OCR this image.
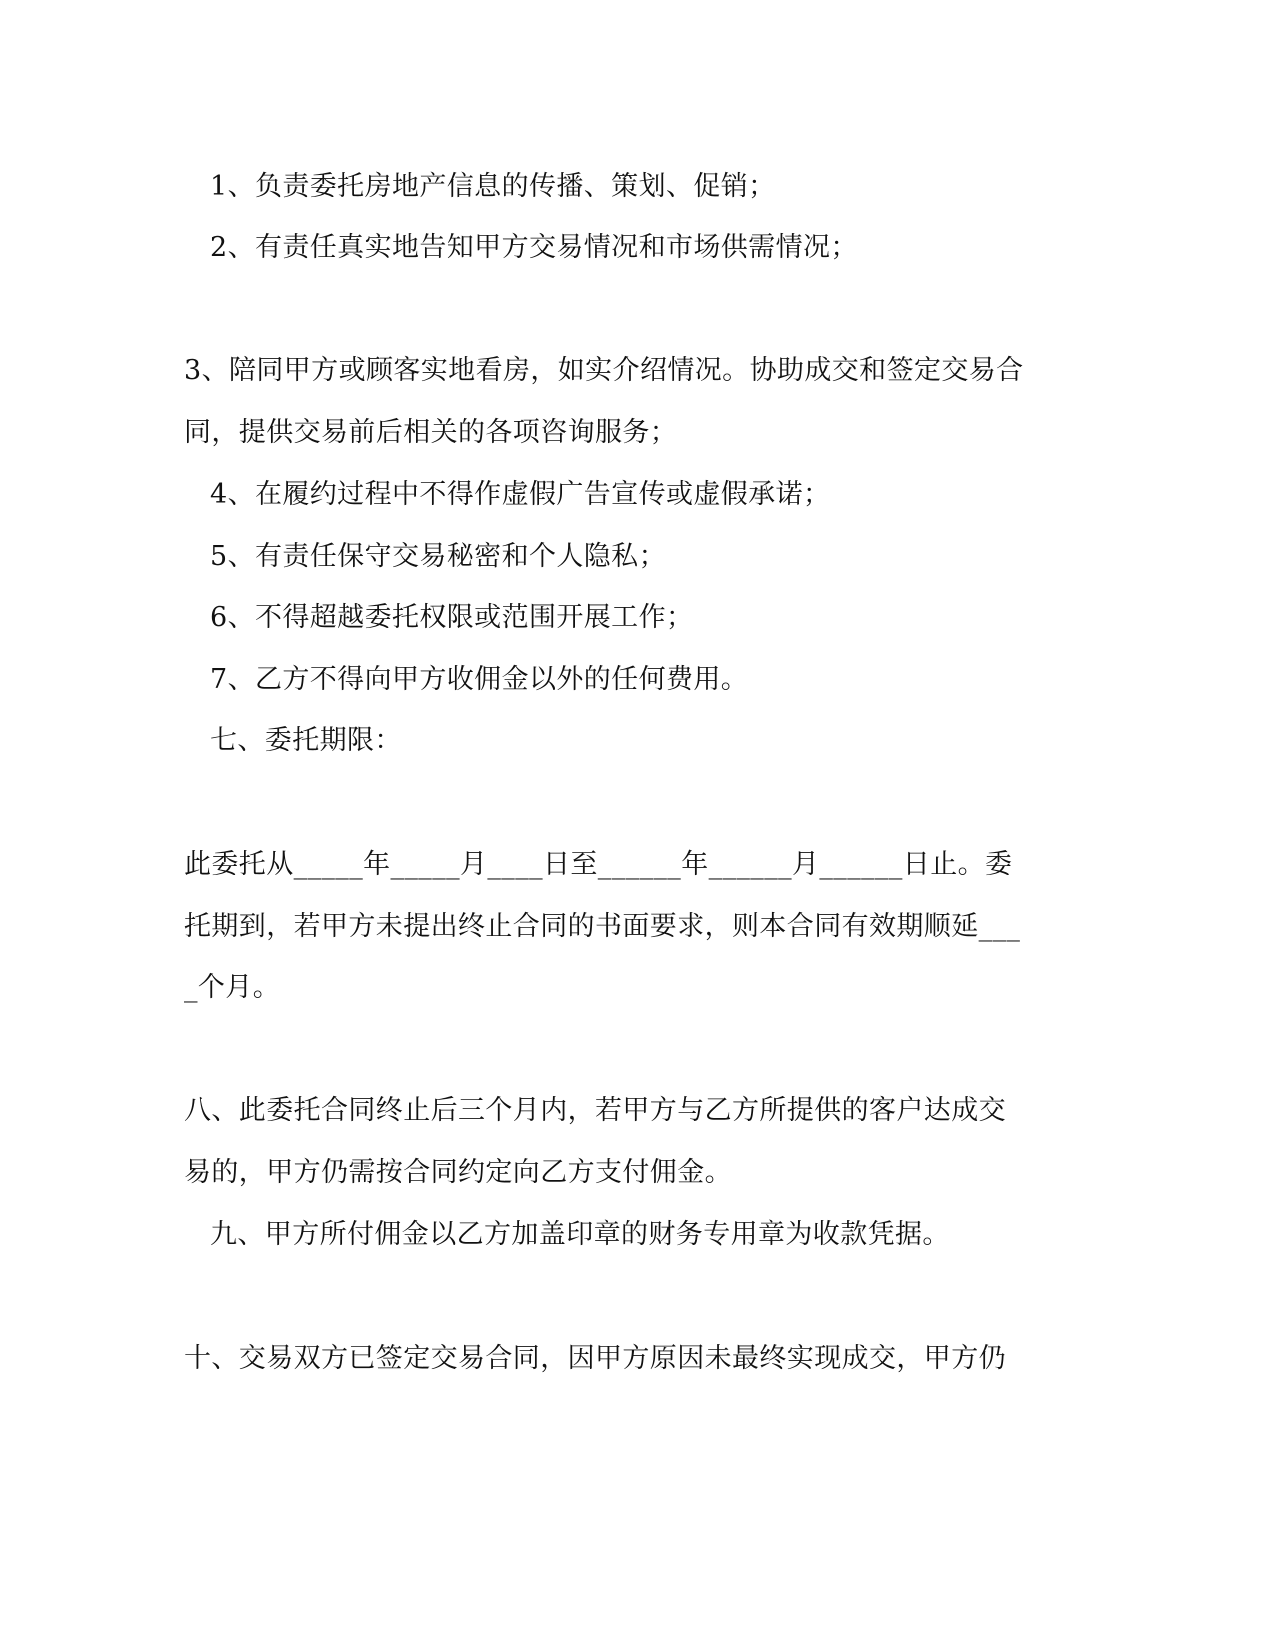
1、负责委托房地产信息的传播、策划、促销；
2、有责任真实地告知甲方交易情况和市场供需情况；
3、陪同甲方或顾客实地看房，如实介绍情况。协助成交和签定交易合
同，提供交易前后相关的各项咨询服务；
4、在履约过程中不得作虚假广告宣传或虚假承诺；
5、有责任保守交易秘密和个人隐私；
6、不得超越委托权限或范围开展工作；
7、乙方不得向甲方收佣金以外的任何费用。
七、委托期限：
此委托从_____年_____月____日至______年______月______日止。委
托期到，若甲方未提出终止合同的书面要求，则本合同有效期顺延___
_个月。
八、此委托合同终止后三个月内，若甲方与乙方所提供的客户达成交
易的，甲方仍需按合同约定向乙方支付佣金。
九、甲方所付佣金以乙方加盖印章的财务专用章为收款凭据。
十、交易双方已签定交易合同，因甲方原因未最终实现成交，甲方仍
